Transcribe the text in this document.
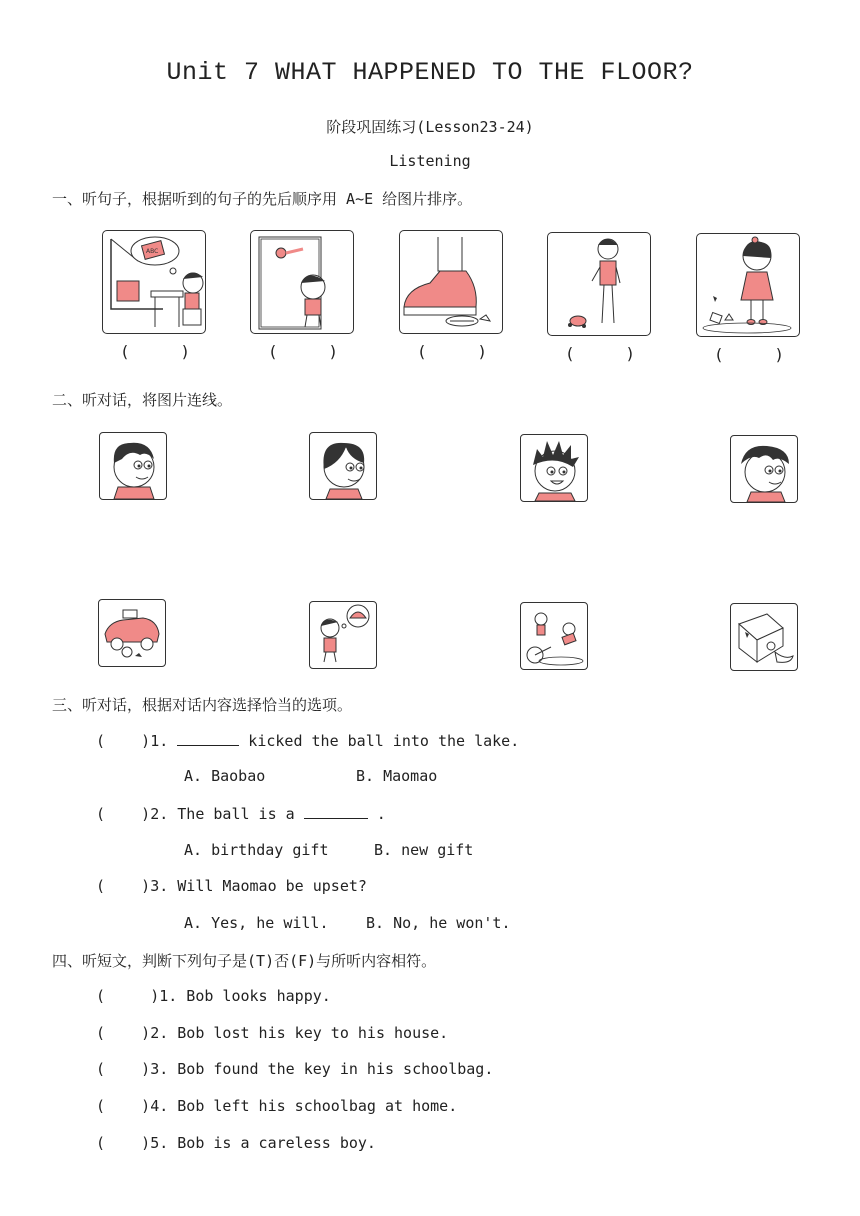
Unit 7 WHAT HAPPENED TO THE FLOOR?
阶段巩固练习(Lesson23-24)
Listening
一、听句子，根据听到的句子的先后顺序用 A~E 给图片排序。
ABC
(	)	(	)	(	)	(	)	(	)
二、听对话，将图片连线。
三、听对话，根据对话内容选择恰当的选项。
( )1.	kicked the ball into the lake.
A. Baobao	B. Maomao
( )2. The ball is a	.
A. birthday gift	B. new gift
( )3. Will Maomao be upset?
A. Yes, he will.	B. No, he won't.
四、听短文，判断下列句子是(T)否(F)与所听内容相符。
(	)1. Bob looks happy.
( )2. Bob lost his key to his house.
( )3. Bob found the key in his schoolbag.
( )4. Bob left his schoolbag at home.
( )5. Bob is a careless boy.
